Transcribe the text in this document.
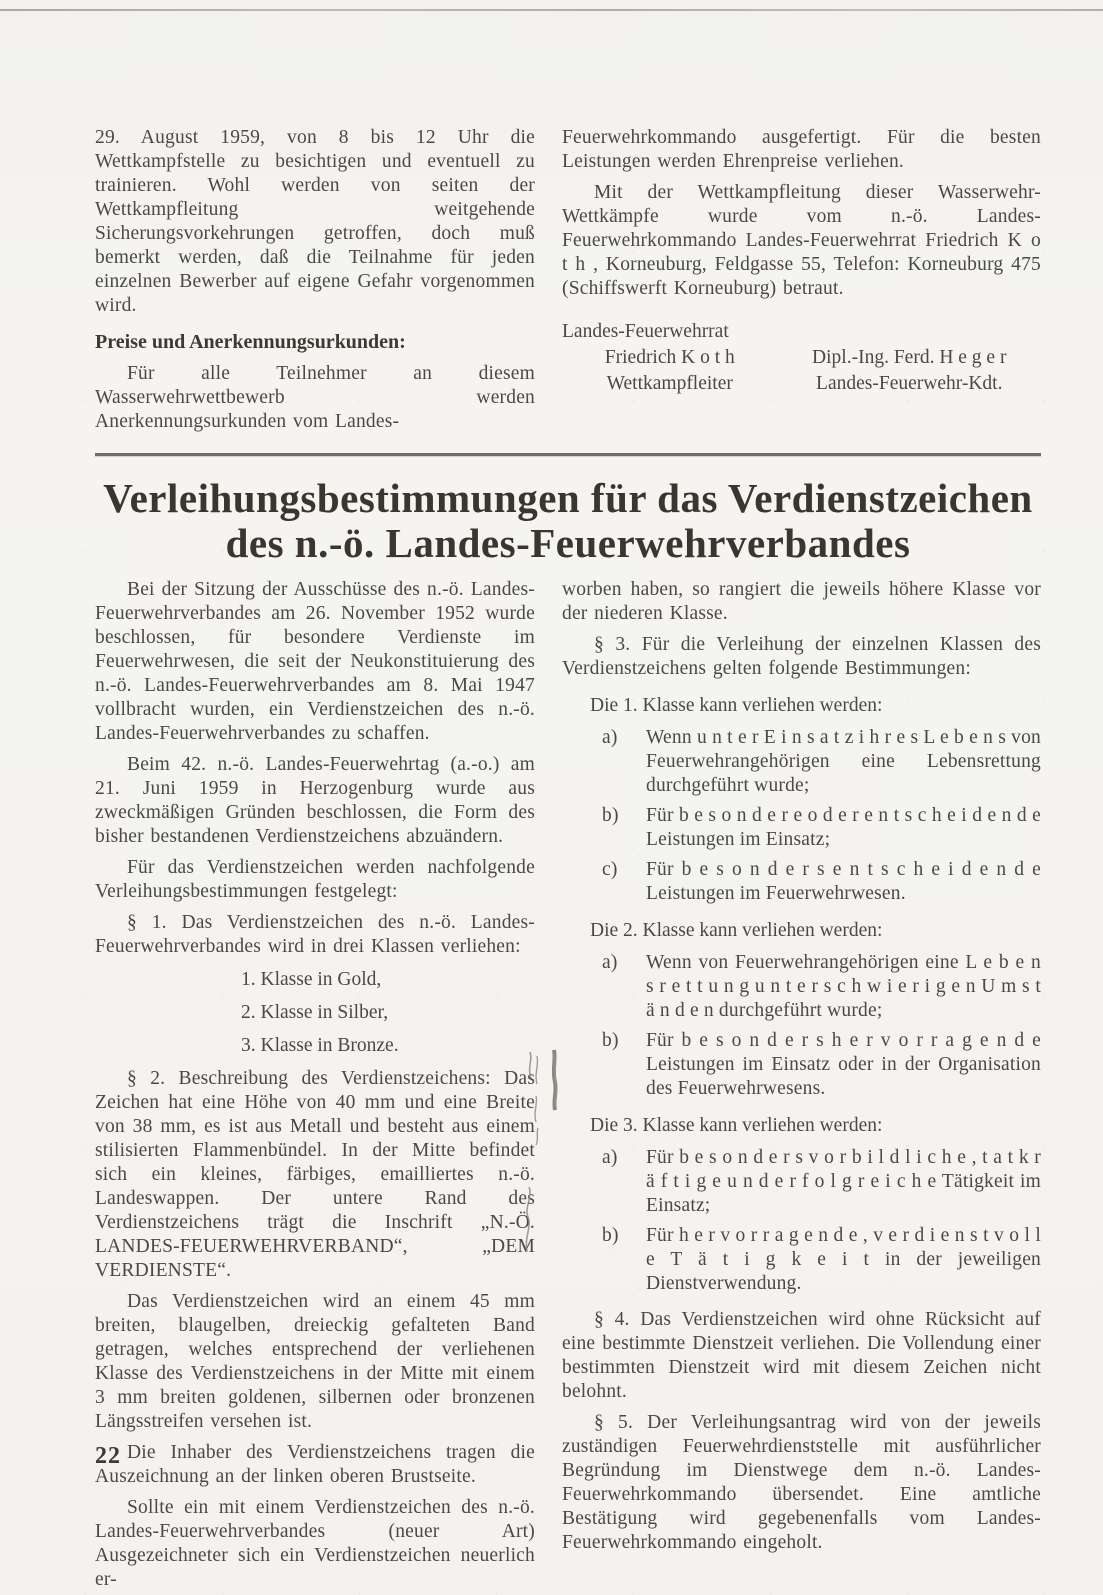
29. August 1959, von 8 bis 12 Uhr die Wettkampfstelle zu besichtigen und eventuell zu trainieren. Wohl werden von seiten der Wettkampfleitung weitgehende Sicherungsvorkehrungen getroffen, doch muß bemerkt werden, daß die Teilnahme für jeden einzelnen Bewerber auf eigene Gefahr vorgenommen wird.

Preise und Anerkennungsurkunden:

Für alle Teilnehmer an diesem Wasserwehrwettbewerb werden Anerkennungsurkunden vom Landes-

Feuerwehrkommando ausgefertigt. Für die besten Leistungen werden Ehrenpreise verliehen.

Mit der Wettkampfleitung dieser Wasserwehr-Wettkämpfe wurde vom n.-ö. Landes-Feuerwehrkommando Landes-Feuerwehrrat Friedrich K o t h , Korneuburg, Feldgasse 55, Telefon: Korneuburg 475 (Schiffswerft Korneuburg) betraut.

Landes-Feuerwehrrat
Friedrich K o t h
Wettkampfleiter
Dipl.-Ing. Ferd. H e g e r
Landes-Feuerwehr-Kdt.
Verleihungsbestimmungen für das Verdienstzeichen
des n.-ö. Landes-Feuerwehrverbandes

Bei der Sitzung der Ausschüsse des n.-ö. Landes-Feuerwehrverbandes am 26. November 1952 wurde beschlossen, für besondere Verdienste im Feuerwehrwesen, die seit der Neukonstituierung des n.-ö. Landes-Feuerwehrverbandes am 8. Mai 1947 vollbracht wurden, ein Verdienstzeichen des n.-ö. Landes-Feuerwehrverbandes zu schaffen.

Beim 42. n.-ö. Landes-Feuerwehrtag (a.-o.) am 21. Juni 1959 in Herzogenburg wurde aus zweckmäßigen Gründen beschlossen, die Form des bisher bestandenen Verdienstzeichens abzuändern.

Für das Verdienstzeichen werden nachfolgende Verleihungsbestimmungen festgelegt:

§ 1. Das Verdienstzeichen des n.-ö. Landes-Feuerwehrverbandes wird in drei Klassen verliehen:

1. Klasse in Gold,
2. Klasse in Silber,
3. Klasse in Bronze.

§ 2. Beschreibung des Verdienstzeichens: Das Zeichen hat eine Höhe von 40 mm und eine Breite von 38 mm, es ist aus Metall und besteht aus einem stilisierten Flammenbündel. In der Mitte befindet sich ein kleines, färbiges, emailliertes n.-ö. Landeswappen. Der untere Rand des Verdienstzeichens trägt die Inschrift „N.-Ö. LANDES-FEUERWEHRVERBAND“, „DEM VERDIENSTE“.

Das Verdienstzeichen wird an einem 45 mm breiten, blaugelben, dreieckig gefalteten Band getragen, welches entsprechend der verliehenen Klasse des Verdienstzeichens in der Mitte mit einem 3 mm breiten goldenen, silbernen oder bronzenen Längsstreifen versehen ist.

Die Inhaber des Verdienstzeichens tragen die Auszeichnung an der linken oberen Brustseite.

Sollte ein mit einem Verdienstzeichen des n.-ö. Landes-Feuerwehrverbandes (neuer Art) Ausgezeichneter sich ein Verdienstzeichen neuerlich er-

worben haben, so rangiert die jeweils höhere Klasse vor der niederen Klasse.

§ 3. Für die Verleihung der einzelnen Klassen des Verdienstzeichens gelten folgende Bestimmungen:

Die 1. Klasse kann verliehen werden:
a) Wenn u n t e r E i n s a t z i h r e s L e b e n s von Feuerwehrangehörigen eine Lebensrettung durchgeführt wurde;
b) Für b e s o n d e r e o d e r e n t s c h e i d e n d e Leistungen im Einsatz;
c) Für b e s o n d e r s e n t s c h e i d e n d e Leistungen im Feuerwehrwesen.
Die 2. Klasse kann verliehen werden:
a) Wenn von Feuerwehrangehörigen eine L e b e n s r e t t u n g u n t e r s c h w i e r i g e n U m s t ä n d e n durchgeführt wurde;
b) Für b e s o n d e r s h e r v o r r a g e n d e Leistungen im Einsatz oder in der Organisation des Feuerwehrwesens.
Die 3. Klasse kann verliehen werden:
a) Für b e s o n d e r s v o r b i l d l i c h e , t a t k r ä f t i g e u n d e r f o l g r e i c h e Tätigkeit im Einsatz;
b) Für h e r v o r r a g e n d e , v e r d i e n s t v o l l e T ä t i g k e i t in der jeweiligen Dienstverwendung.

§ 4. Das Verdienstzeichen wird ohne Rücksicht auf eine bestimmte Dienstzeit verliehen. Die Vollendung einer bestimmten Dienstzeit wird mit diesem Zeichen nicht belohnt.

§ 5. Der Verleihungsantrag wird von der jeweils zuständigen Feuerwehrdienststelle mit ausführlicher Begründung im Dienstwege dem n.-ö. Landes-Feuerwehrkommando übersendet. Eine amtliche Bestätigung wird gegebenenfalls vom Landes-Feuerwehrkommando eingeholt.

22
